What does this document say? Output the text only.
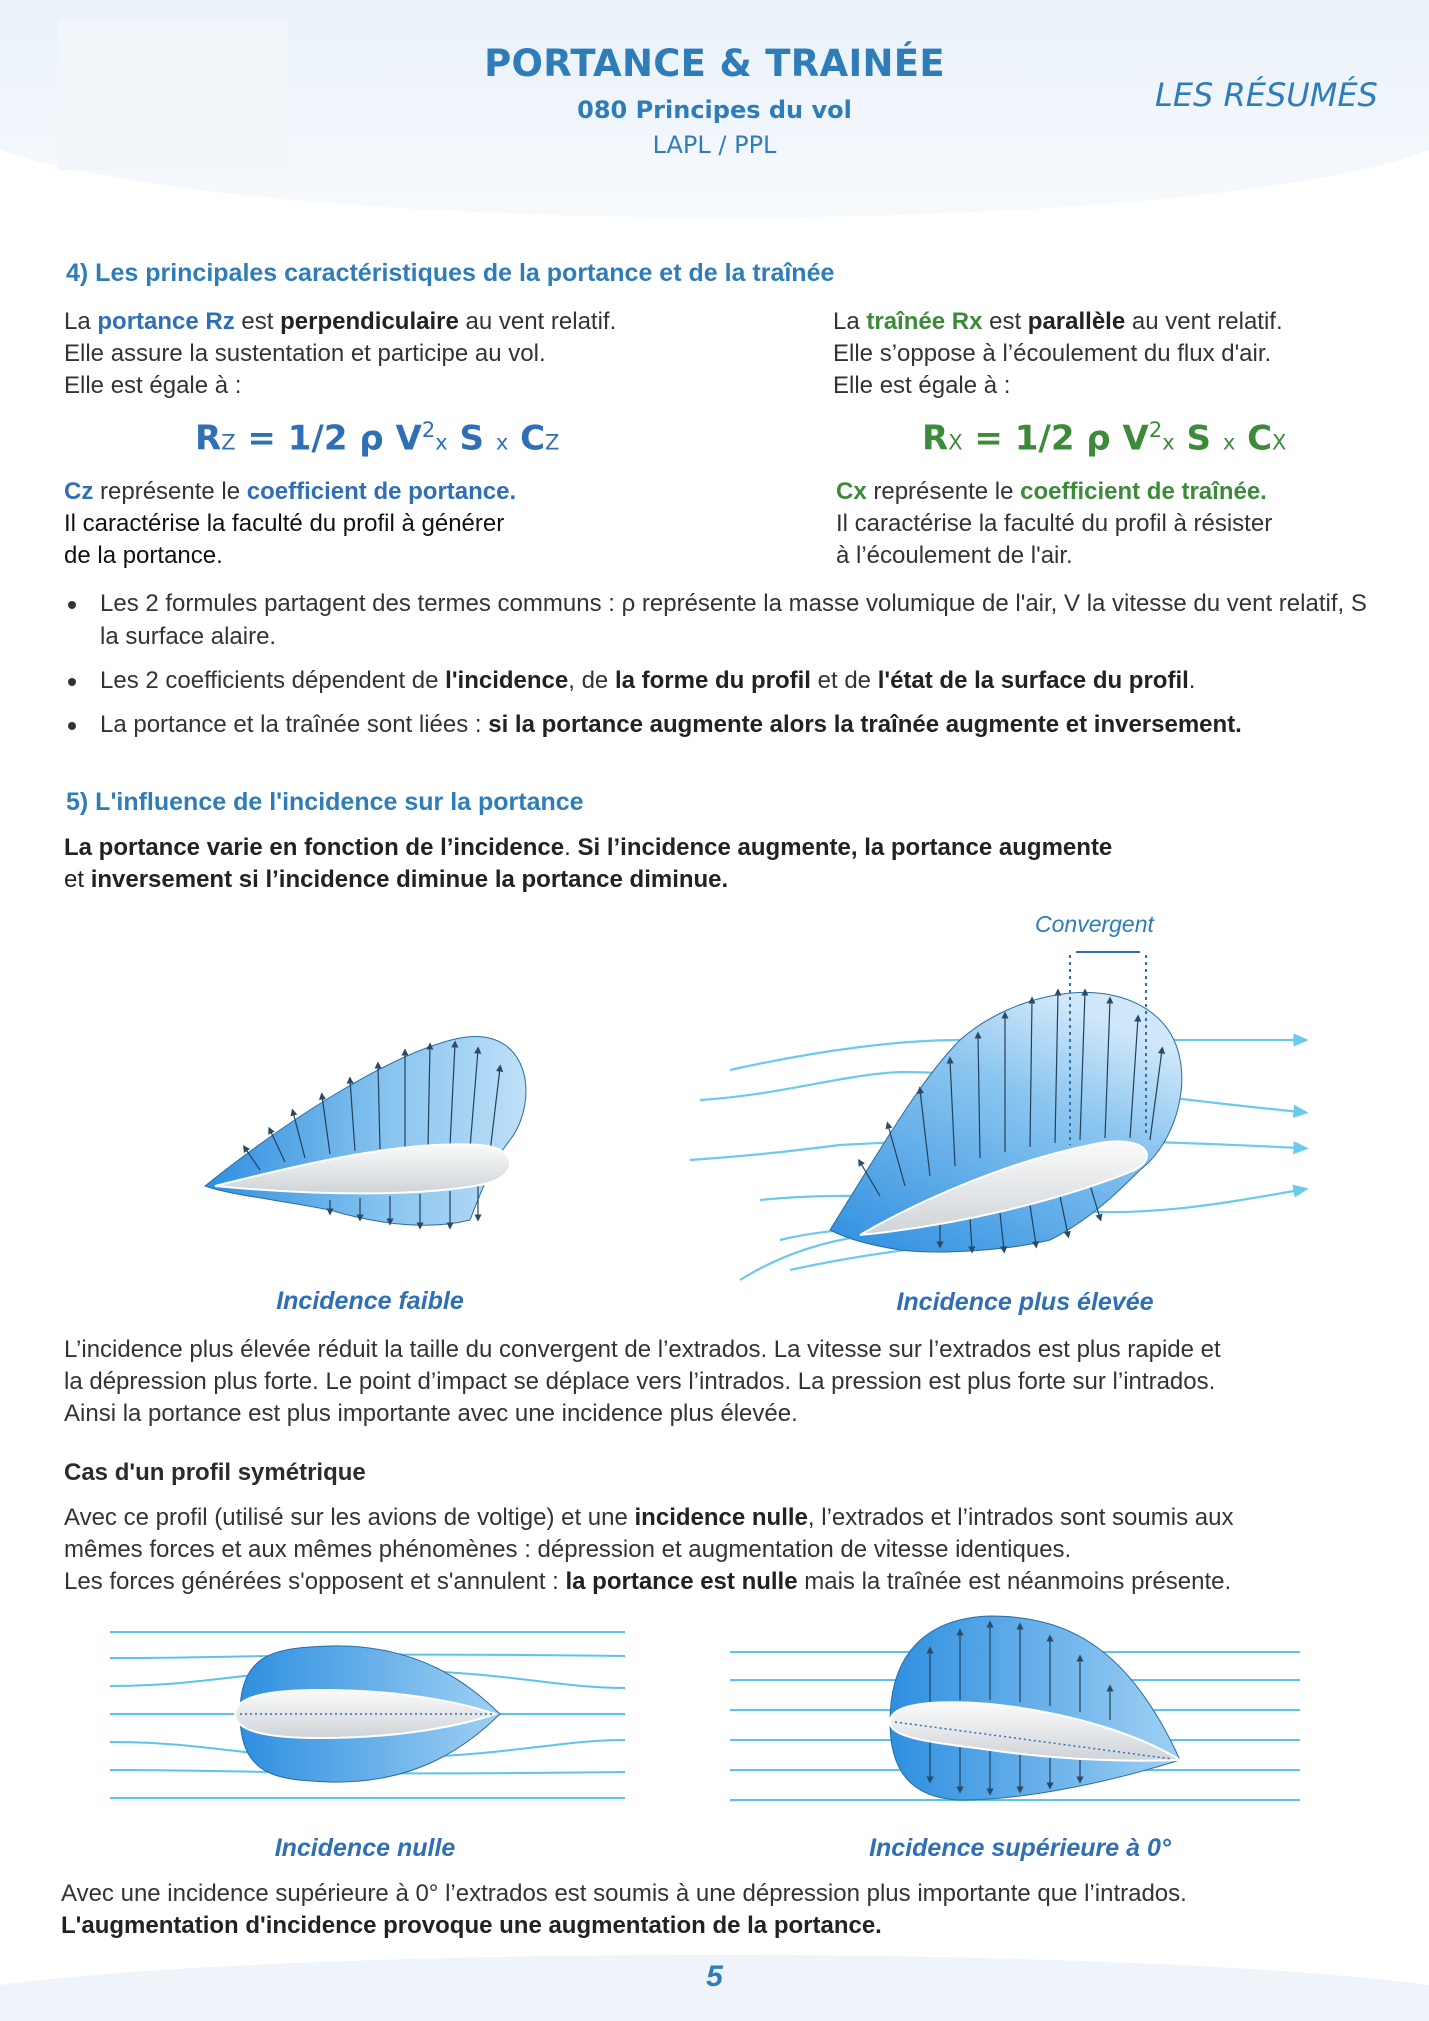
PORTANCE & TRAINÉE
080 Principes du vol
LAPL / PPL
LES RÉSUMÉS
4) Les principales caractéristiques de la portance et de la traînée
La portance Rz est perpendiculaire au vent relatif.
Elle assure la sustentation et participe au vol.
Elle est égale à :
RZ = 1/2 ρ $V^2x$ S x CZ
Cz représente le coefficient de portance.
Il caractérise la faculté du profil à générer
de la portance.
La traînée Rx est parallèle au vent relatif.
Elle s’oppose à l’écoulement du flux d'air.
Elle est égale à :
RX = 1/2 ρ $V^2x$ S x CX
Cx représente le coefficient de traînée.
Il caractérise la faculté du profil à résister
à l’écoulement de l'air.
Les 2 formules partagent des termes communs : ρ représente la masse volumique de l'air, V la vitesse du vent relatif, S la surface alaire.
Les 2 coefficients dépendent de l'incidence, de la forme du profil et de l'état de la surface du profil.
La portance et la traînée sont liées : si la portance augmente alors la traînée augmente et inversement.
5) L'influence de l'incidence sur la portance
La portance varie en fonction de l’incidence. Si l’incidence augmente, la portance augmente
et inversement si l’incidence diminue la portance diminue.
Convergent
Incidence faible	Incidence plus élevée
L’incidence plus élevée réduit la taille du convergent de l’extrados. La vitesse sur l’extrados est plus rapide et
la dépression plus forte. Le point d’impact se déplace vers l’intrados. La pression est plus forte sur l’intrados.
Ainsi la portance est plus importante avec une incidence plus élevée.
Cas d'un profil symétrique
Avec ce profil (utilisé sur les avions de voltige) et une incidence nulle, l’extrados et l’intrados sont soumis aux
mêmes forces et aux mêmes phénomènes : dépression et augmentation de vitesse identiques.
Les forces générées s'opposent et s'annulent : la portance est nulle mais la traînée est néanmoins présente.
Incidence nulle	Incidence supérieure à 0°
Avec une incidence supérieure à 0° l’extrados est soumis à une dépression plus importante que l’intrados.
L'augmentation d'incidence provoque une augmentation de la portance.
5
